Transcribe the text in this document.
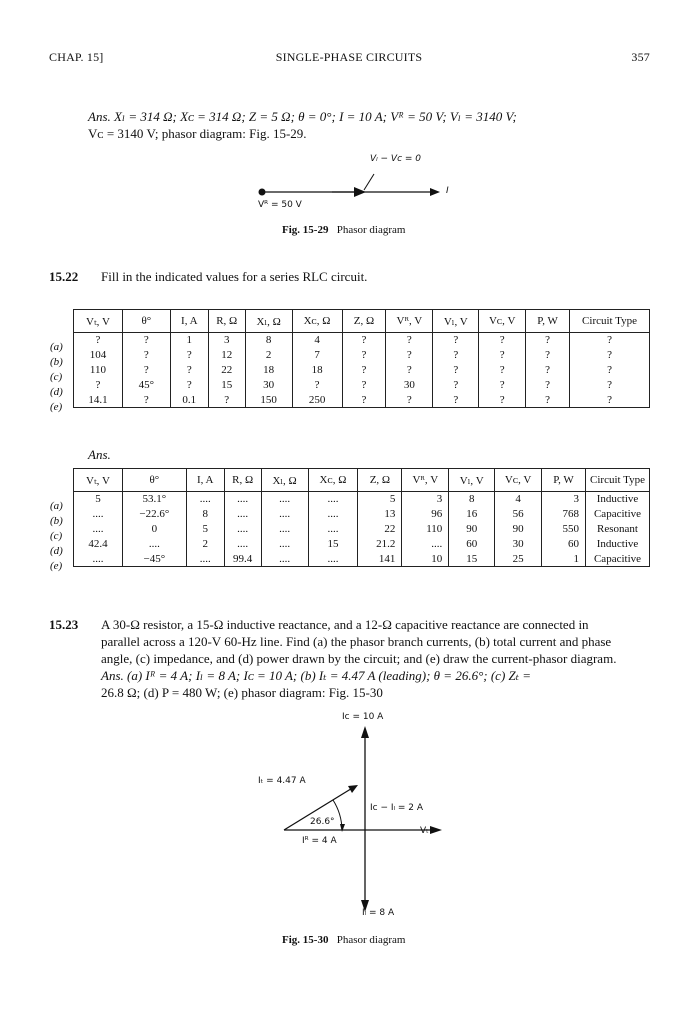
CHAP. 15]	SINGLE-PHASE CIRCUITS	357
Ans. Xₗ = 314 Ω; Xᴄ = 314 Ω; Z = 5 Ω; θ = 0°; I = 10 A; Vᴿ = 50 V; Vₗ = 3140 V;
Vᴄ = 3140 V; phasor diagram: Fig. 15-29.
Vₗ − Vᴄ = 0
I
Vᴿ = 50 V
Fig. 15-29 Phasor diagram
15.22 Fill in the indicated values for a series RLC circuit.
(a)
(b)
(c)
(d)
(e)
Vₜ, V	θ°	I, A	R, Ω	Xₗ, Ω	Xᴄ, Ω	Z, Ω	Vᴿ, V	Vₗ, V	Vᴄ, V	P, W	Circuit Type
?	?	1	3	8	4	?	?	?	?	?	?
104	?	?	12	2	7	?	?	?	?	?	?
110	?	?	22	18	18	?	?	?	?	?	?
?	45°	?	15	30	?	?	30	?	?	?	?
14.1	?	0.1	?	150	250	?	?	?	?	?	?
Ans.
(a)
(b)
(c)
(d)
(e)
Vₜ, V	θ°	I, A	R, Ω	Xₗ, Ω	Xᴄ, Ω	Z, Ω	Vᴿ, V	Vₗ, V	Vᴄ, V	P, W	Circuit Type
5	53.1°	....	....	....	....	5	3	8	4	3	Inductive
....	−22.6°	8	....	....	....	13	96	16	56	768	Capacitive
....	0	5	....	....	....	22	110	90	90	550	Resonant
42.4	....	2	....	....	15	21.2	....	60	30	60	Inductive
....	−45°	....	99.4	....	....	141	10	15	25	1	Capacitive
15.23 A 30-Ω resistor, a 15-Ω inductive reactance, and a 12-Ω capacitive reactance are connected in
parallel across a 120-V 60-Hz line. Find (a) the phasor branch currents, (b) total current and phase
angle, (c) impedance, and (d) power drawn by the circuit; and (e) draw the current-phasor diagram.
Ans. (a) Iᴿ = 4 A; Iₗ = 8 A; Iᴄ = 10 A; (b) Iₜ = 4.47 A (leading); θ = 26.6°; (c) Zₜ =
26.8 Ω; (d) P = 480 W; (e) phasor diagram: Fig. 15-30
Iᴄ = 10 A
Iₜ = 4.47 A
Iᴄ − Iₗ = 2 A
Vₜ
26.6°
Iᴿ = 4 A
Iₗ = 8 A
Fig. 15-30 Phasor diagram
